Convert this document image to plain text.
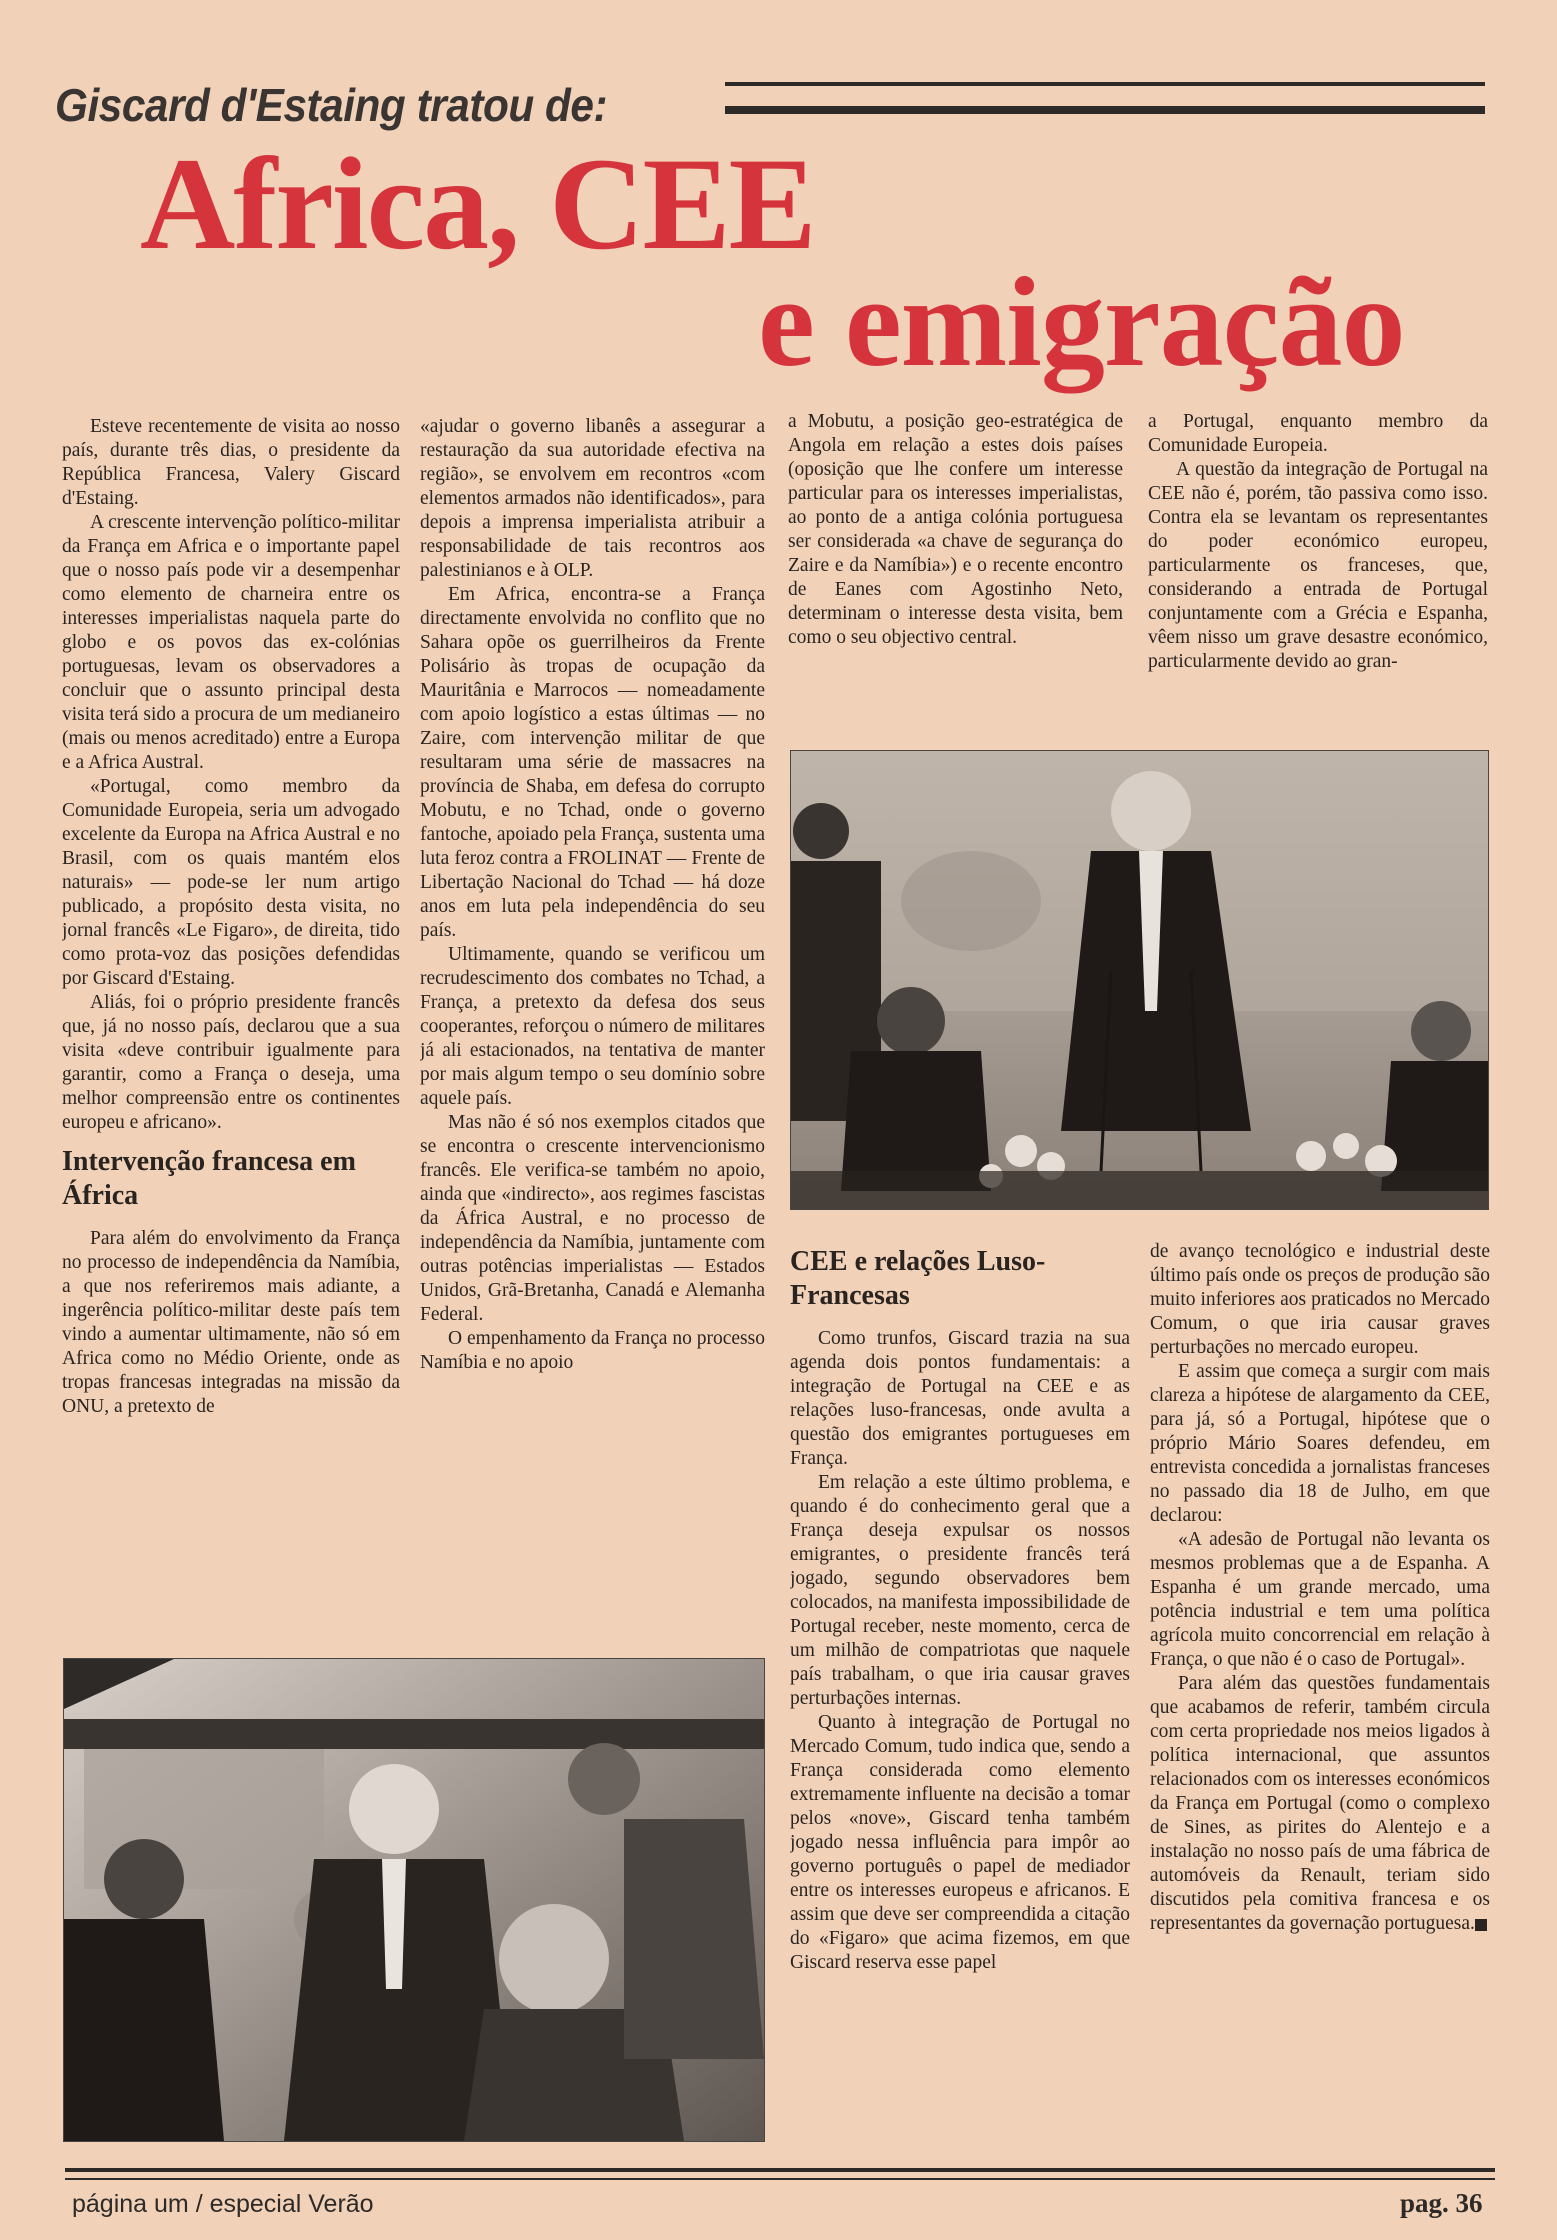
Giscard d'Estaing tratou de:
Africa, CEE
e emigração

Esteve recentemente de visita ao nosso país, durante três dias, o presidente da República Francesa, Valery Giscard d'Estaing.

A crescente intervenção político-militar da França em Africa e o importante papel que o nosso país pode vir a desempenhar como elemento de charneira entre os interesses imperialistas naquela parte do globo e os povos das ex-colónias portuguesas, levam os observadores a concluir que o assunto principal desta visita terá sido a procura de um medianeiro (mais ou menos acreditado) entre a Europa e a Africa Austral.

«Portugal, como membro da Comunidade Europeia, seria um advogado excelente da Europa na Africa Austral e no Brasil, com os quais mantém elos naturais» — pode-se ler num artigo publicado, a propósito desta visita, no jornal francês «Le Figaro», de direita, tido como prota-voz das posições defendidas por Giscard d'Estaing.

Aliás, foi o próprio presidente francês que, já no nosso país, declarou que a sua visita «deve contribuir igualmente para garantir, como a França o deseja, uma melhor compreensão entre os continentes europeu e africano».

Intervenção francesa em África

Para além do envolvimento da França no processo de independência da Namíbia, a que nos referiremos mais adiante, a ingerência político-militar deste país tem vindo a aumentar ultimamente, não só em Africa como no Médio Oriente, onde as tropas francesas integradas na missão da ONU, a pretexto de

«ajudar o governo libanês a assegurar a restauração da sua autoridade efectiva na região», se envolvem em recontros «com elementos armados não identificados», para depois a imprensa imperialista atribuir a responsabilidade de tais recontros aos palestinianos e à OLP.

Em Africa, encontra-se a França directamente envolvida no conflito que no Sahara opõe os guerrilheiros da Frente Polisário às tropas de ocupação da Mauritânia e Marrocos — nomeadamente com apoio logístico a estas últimas — no Zaire, com intervenção militar de que resultaram uma série de massacres na província de Shaba, em defesa do corrupto Mobutu, e no Tchad, onde o governo fantoche, apoiado pela França, sustenta uma luta feroz contra a FROLINAT — Frente de Libertação Nacional do Tchad — há doze anos em luta pela independência do seu país.

Ultimamente, quando se verificou um recrudescimento dos combates no Tchad, a França, a pretexto da defesa dos seus cooperantes, reforçou o número de militares já ali estacionados, na tentativa de manter por mais algum tempo o seu domínio sobre aquele país.

Mas não é só nos exemplos citados que se encontra o crescente intervencionismo francês. Ele verifica-se também no apoio, ainda que «indirecto», aos regimes fascistas da África Austral, e no processo de independência da Namíbia, juntamente com outras potências imperialistas — Estados Unidos, Grã-Bretanha, Canadá e Alemanha Federal.

O empenhamento da França no processo Namíbia e no apoio

a Mobutu, a posição geo-estratégica de Angola em relação a estes dois países (oposição que lhe confere um interesse particular para os interesses imperialistas, ao ponto de a antiga colónia portuguesa ser considerada «a chave de segurança do Zaire e da Namíbia») e o recente encontro de Eanes com Agostinho Neto, determinam o interesse desta visita, bem como o seu objectivo central.

a Portugal, enquanto membro da Comunidade Europeia.

A questão da integração de Portugal na CEE não é, porém, tão passiva como isso. Contra ela se levantam os representantes do poder económico europeu, particularmente os franceses, que, considerando a entrada de Portugal conjuntamente com a Grécia e Espanha, vêem nisso um grave desastre económico, particularmente devido ao gran-

CEE e relações Luso-Francesas

Como trunfos, Giscard trazia na sua agenda dois pontos fundamentais: a integração de Portugal na CEE e as relações luso-francesas, onde avulta a questão dos emigrantes portugueses em França.

Em relação a este último problema, e quando é do conhecimento geral que a França deseja expulsar os nossos emigrantes, o presidente francês terá jogado, segundo observadores bem colocados, na manifesta impossibilidade de Portugal receber, neste momento, cerca de um milhão de compatriotas que naquele país trabalham, o que iria causar graves perturbações internas.

Quanto à integração de Portugal no Mercado Comum, tudo indica que, sendo a França considerada como elemento extremamente influente na decisão a tomar pelos «nove», Giscard tenha também jogado nessa influência para impôr ao governo português o papel de mediador entre os interesses europeus e africanos. E assim que deve ser compreendida a citação do «Figaro» que acima fizemos, em que Giscard reserva esse papel

de avanço tecnológico e industrial deste último país onde os preços de produção são muito inferiores aos praticados no Mercado Comum, o que iria causar graves perturbações no mercado europeu.

E assim que começa a surgir com mais clareza a hipótese de alargamento da CEE, para já, só a Portugal, hipótese que o próprio Mário Soares defendeu, em entrevista concedida a jornalistas franceses no passado dia 18 de Julho, em que declarou:

«A adesão de Portugal não levanta os mesmos problemas que a de Espanha. A Espanha é um grande mercado, uma potência industrial e tem uma política agrícola muito concorrencial em relação à França, o que não é o caso de Portugal».

Para além das questões fundamentais que acabamos de referir, também circula com certa propriedade nos meios ligados à política internacional, que assuntos relacionados com os interesses económicos da França em Portugal (como o complexo de Sines, as pirites do Alentejo e a instalação no nosso país de uma fábrica de automóveis da Renault, teriam sido discutidos pela comitiva francesa e os representantes da governação portuguesa.

página um / especial Verão	pag. 36
